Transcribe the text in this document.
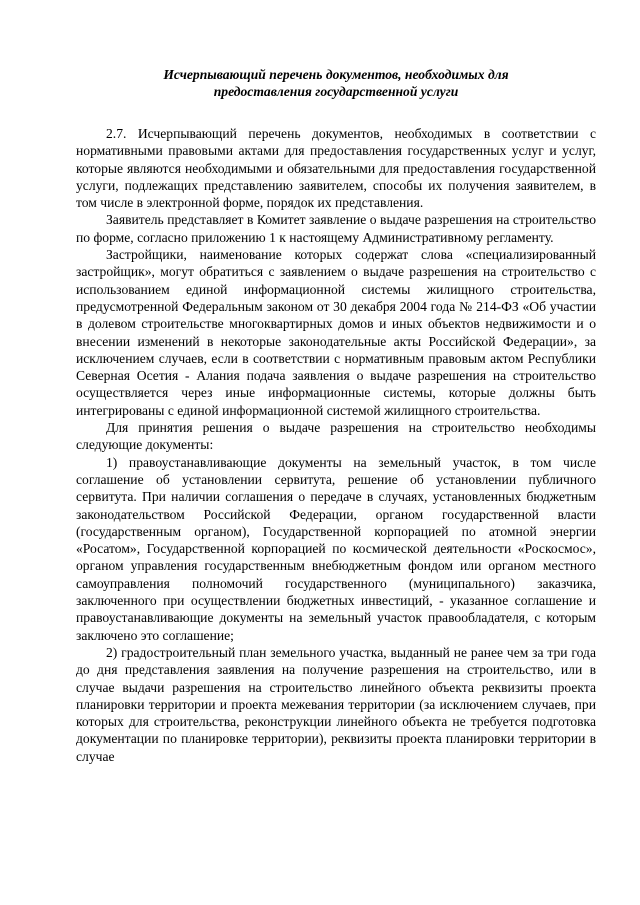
Исчерпывающий перечень документов, необходимых для
предоставления государственной услуги

2.7. Исчерпывающий перечень документов, необходимых в соответствии с нормативными правовыми актами для предоставления государственных услуг и услуг, которые являются необходимыми и обязательными для предоставления государственной услуги, подлежащих представлению заявителем, способы их получения заявителем, в том числе в электронной форме, порядок их представления.

Заявитель представляет в Комитет заявление о выдаче разрешения на строительство по форме, согласно приложению 1 к настоящему Административному регламенту.

Застройщики, наименование которых содержат слова «специализированный застройщик», могут обратиться с заявлением о выдаче разрешения на строительство с использованием единой информационной системы жилищного строительства, предусмотренной Федеральным законом от 30 декабря 2004 года № 214-ФЗ «Об участии в долевом строительстве многоквартирных домов и иных объектов недвижимости и о внесении изменений в некоторые законодательные акты Российской Федерации», за исключением случаев, если в соответствии с нормативным правовым актом Республики Северная Осетия - Алания подача заявления о выдаче разрешения на строительство осуществляется через иные информационные системы, которые должны быть интегрированы с единой информационной системой жилищного строительства.

Для принятия решения о выдаче разрешения на строительство необходимы следующие документы:

1) правоустанавливающие документы на земельный участок, в том числе соглашение об установлении сервитута, решение об установлении публичного сервитута. При наличии соглашения о передаче в случаях, установленных бюджетным законодательством Российской Федерации, органом государственной власти (государственным органом), Государственной корпорацией по атомной энергии «Росатом», Государственной корпорацией по космической деятельности «Роскосмос», органом управления государственным внебюджетным фондом или органом местного самоуправления полномочий государственного (муниципального) заказчика, заключенного при осуществлении бюджетных инвестиций, - указанное соглашение и правоустанавливающие документы на земельный участок правообладателя, с которым заключено это соглашение;

2) градостроительный план земельного участка, выданный не ранее чем за три года до дня представления заявления на получение разрешения на строительство, или в случае выдачи разрешения на строительство линейного объекта реквизиты проекта планировки территории и проекта межевания территории (за исключением случаев, при которых для строительства, реконструкции линейного объекта не требуется подготовка документации по планировке территории), реквизиты проекта планировки территории в случае
